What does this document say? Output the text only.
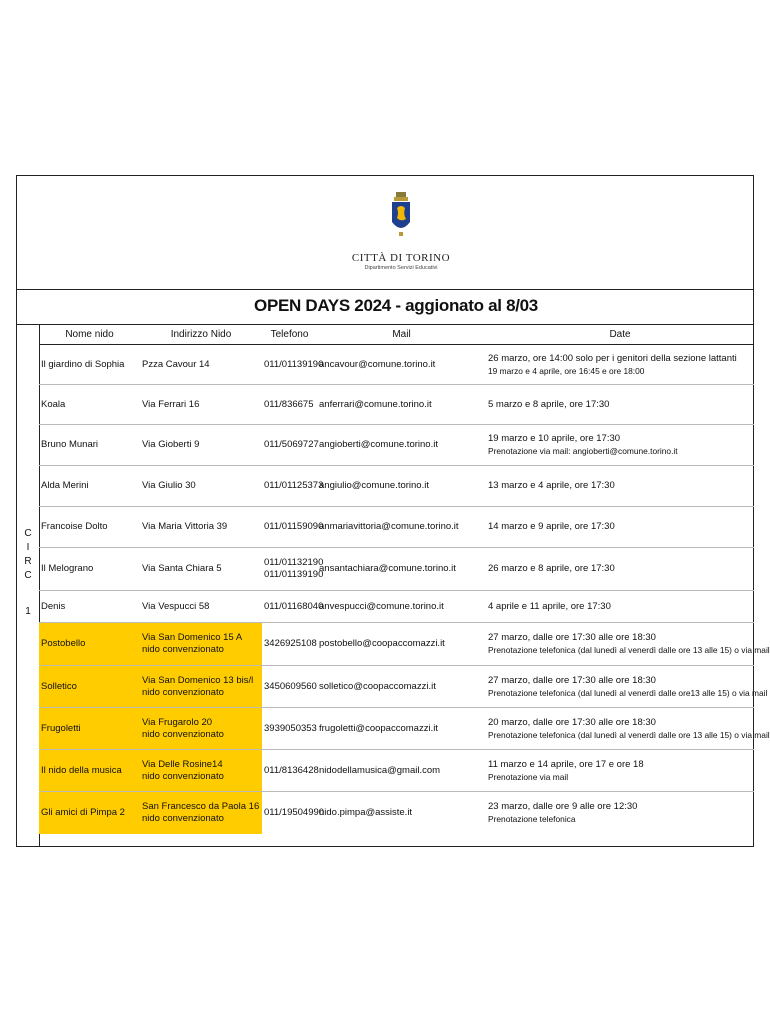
CITTÀ DI TORINO
Dipartimento Servizi Educativi
OPEN DAYS 2024 - aggionato al 8/03
C I R C
1
Nome nido	Indirizzo Nido	Telefono	Mail	Date
Il giardino di Sophia	Pzza Cavour 14	011/01139190	ancavour@comune.torino.it	26 marzo, ore 14:00 solo per i genitori della sezione lattanti
19 marzo e 4 aprile, ore 16:45 e ore 18:00

Koala	Via Ferrari 16	011/836675	anferrari@comune.torino.it	5 marzo e 8 aprile, ore 17:30

Bruno Munari	Via Gioberti 9	011/5069727	angioberti@comune.torino.it	19 marzo e 10 aprile, ore 17:30
Prenotazione via mail: angioberti@comune.torino.it

Alda Merini	Via Giulio 30	011/01125373	angiulio@comune.torino.it	13 marzo e 4 aprile, ore 17:30

Francoise Dolto	Via Maria Vittoria 39	011/01159090	anmariavittoria@comune.torino.it	14 marzo e 9 aprile, ore 17:30

Il Melograno	Via Santa Chiara 5	011/01132190
011/01139190	ansantachiara@comune.torino.it	26 marzo e 8 aprile, ore 17:30

Denis	Via Vespucci 58	011/01168040	anvespucci@comune.torino.it	4 aprile e 11 aprile, ore 17:30

Postobello	Via San Domenico 15 A
nido convenzionato	3426925108	postobello@coopaccomazzi.it	27 marzo, dalle ore 17:30 alle ore 18:30
Prenotazione telefonica (dal lunedì al venerdì dalle ore 13 alle 15) o via mail

Solletico	Via San Domenico 13 bis/l
nido convenzionato	3450609560	solletico@coopaccomazzi.it	27 marzo, dalle ore 17:30 alle ore 18:30
Prenotazione telefonica (dal lunedì al venerdì dalle ore13 alle 15) o via mail

Frugoletti	Via Frugarolo 20
nido convenzionato	3939050353	frugoletti@coopaccomazzi.it	20 marzo, dalle ore 17:30 alle ore 18:30
Prenotazione telefonica (dal lunedì al venerdì dalle ore 13 alle 15) o via mail

Il nido della musica	Via Delle Rosine14
nido convenzionato	011/8136428	nidodellamusica@gmail.com	11 marzo e 14 aprile, ore 17 e ore 18
Prenotazione via mail

Gli amici di Pimpa 2	San Francesco da Paola 16
nido convenzionato	011/19504990	nido.pimpa@assiste.it	23 marzo, dalle ore 9 alle ore 12:30
Prenotazione telefonica
